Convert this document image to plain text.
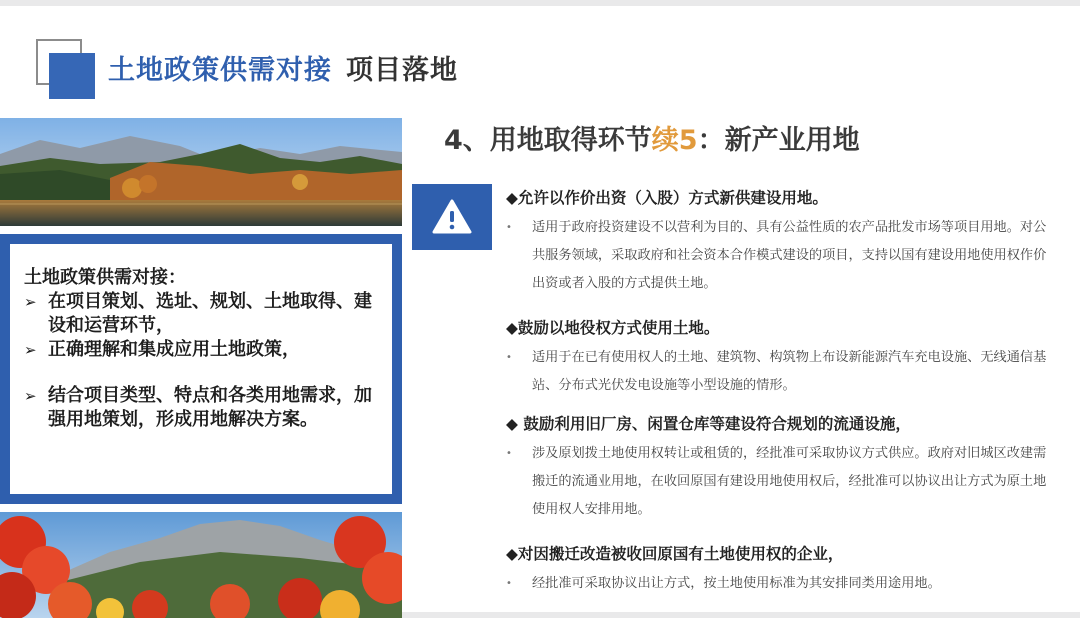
土地政策供需对接 项目落地
土地政策供需对接：
➢ 在项目策划、选址、规划、土地取得、建设和运营环节，
➢ 正确理解和集成应用土地政策，
➢ 结合项目类型、特点和各类用地需求，加强用地策划，形成用地解决方案。
4、用地取得环节续5：新产业用地
◆允许以作价出资（入股）方式新供建设用地。
•	适用于政府投资建设不以营利为目的、具有公益性质的农产品批发市场等项目用地。对公共服务领域，采取政府和社会资本合作模式建设的项目，支持以国有建设用地使用权作价出资或者入股的方式提供土地。
◆鼓励以地役权方式使用土地。
•	适用于在已有使用权人的土地、建筑物、构筑物上布设新能源汽车充电设施、无线通信基站、分布式光伏发电设施等小型设施的情形。
◆ 鼓励利用旧厂房、闲置仓库等建设符合规划的流通设施，
•	涉及原划拨土地使用权转让或租赁的，经批准可采取协议方式供应。政府对旧城区改建需搬迁的流通业用地，在收回原国有建设用地使用权后，经批准可以协议出让方式为原土地使用权人安排用地。
◆对因搬迁改造被收回原国有土地使用权的企业，
•	经批准可采取协议出让方式，按土地使用标准为其安排同类用途用地。
